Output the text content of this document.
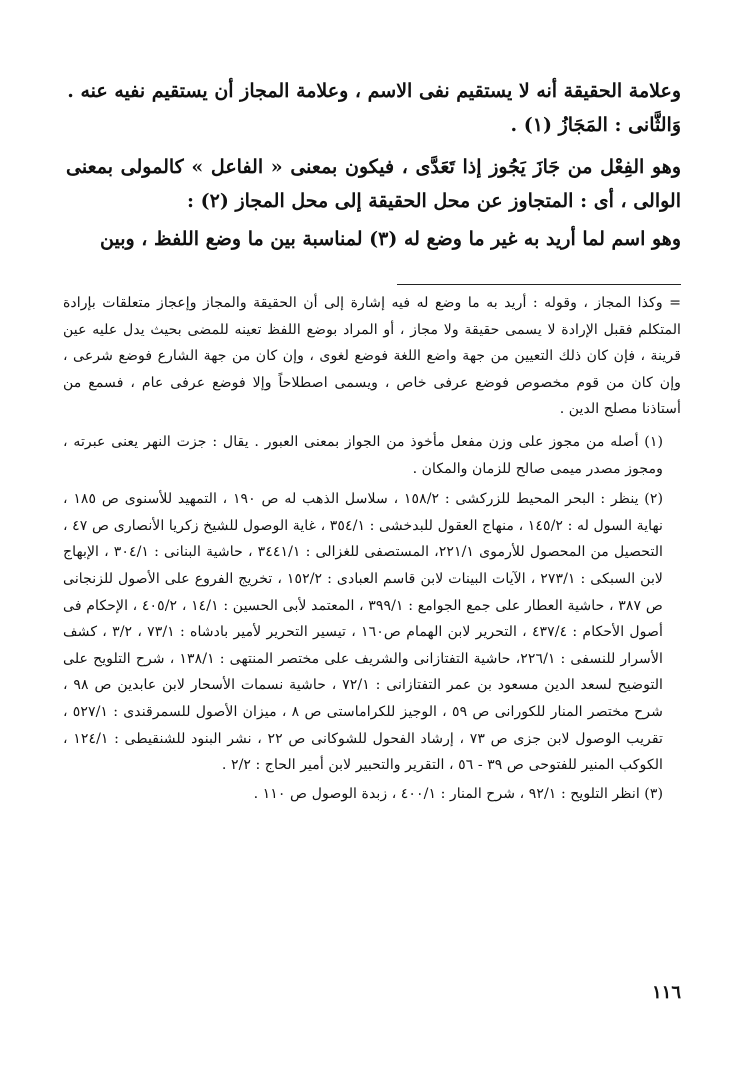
وعلامة الحقيقة أنه لا يستقيم نفى الاسم ، وعلامة المجاز أن يستقيم نفيه عنه .

وَالثَّانى : المَجَازُ (١) .

وهو الفِعْل من جَازَ يَجُوز إذا تَعَدَّى ، فيكون بمعنى « الفاعل » كالمولى بمعنى الوالى ، أى : المتجاوز عن محل الحقيقة إلى محل المجاز (٢) :

وهو اسم لما أريد به غير ما وضع له (٣) لمناسبة بين ما وضع اللفظ ، وبين

= وكذا المجاز ، وقوله : أريد به ما وضع له فيه إشارة إلى أن الحقيقة والمجاز وإعجاز متعلقات بإرادة المتكلم فقبل الإرادة لا يسمى حقيقة ولا مجاز ، أو المراد بوضع اللفظ تعينه للمضى بحيث يدل عليه عين قرينة ، فإن كان ذلك التعيين من جهة واضع اللغة فوضع لغوى ، وإن كان من جهة الشارع فوضع شرعى ، وإن كان من قوم مخصوص فوضع عرفى خاص ، ويسمى اصطلاحاً وإلا فوضع عرفى عام ، فسمع من أستاذنا مصلح الدين .

(١) أصله من مجوز على وزن مفعل مأخوذ من الجواز بمعنى العبور . يقال : جزت النهر يعنى عبرته ، ومجوز مصدر ميمى صالح للزمان والمكان .

(٢) ينظر : البحر المحيط للزركشى : ١٥٨/٢ ، سلاسل الذهب له ص ١٩٠ ، التمهيد للأسنوى ص ١٨٥ ، نهاية السول له : ١٤٥/٢ ، منهاج العقول للبدخشى : ٣٥٤/١ ، غاية الوصول للشيخ زكريا الأنصارى ص ٤٧ ، التحصيل من المحصول للأرموى ٢٢١/١، المستصفى للغزالى : ٣٤٤١/١ ، حاشية البنانى : ٣٠٤/١ ، الإبهاج لابن السبكى : ٢٧٣/١ ، الآيات البينات لابن قاسم العبادى : ١٥٢/٢ ، تخريج الفروع على الأصول للزنجانى ص ٣٨٧ ، حاشية العطار على جمع الجوامع : ٣٩٩/١ ، المعتمد لأبى الحسين : ١٤/١ ، ٤٠٥/٢ ، الإحكام فى أصول الأحكام : ٤٣٧/٤ ، التحرير لابن الهمام ص١٦٠ ، تيسير التحرير لأمير بادشاه : ٧٣/١ ، ٣/٢ ، كشف الأسرار للنسفى : ٢٢٦/١، حاشية التفتازانى والشريف على مختصر المنتهى : ١٣٨/١ ، شرح التلويح على التوضيح لسعد الدين مسعود بن عمر التفتازانى : ٧٢/١ ، حاشية نسمات الأسحار لابن عابدين ص ٩٨ ، شرح مختصر المنار للكورانى ص ٥٩ ، الوجيز للكراماستى ص ٨ ، ميزان الأصول للسمرقندى : ٥٢٧/١ ، تقريب الوصول لابن جزى ص ٧٣ ، إرشاد الفحول للشوكانى ص ٢٢ ، نشر البنود للشنقيطى : ١٢٤/١ ، الكوكب المنير للفتوحى ص ٣٩ - ٥٦ ، التقرير والتحبير لابن أمير الحاج : ٢/٢ .

(٣) انظر التلويح : ٩٢/١ ، شرح المنار : ٤٠٠/١ ، زبدة الوصول ص ١١٠ .

١١٦
